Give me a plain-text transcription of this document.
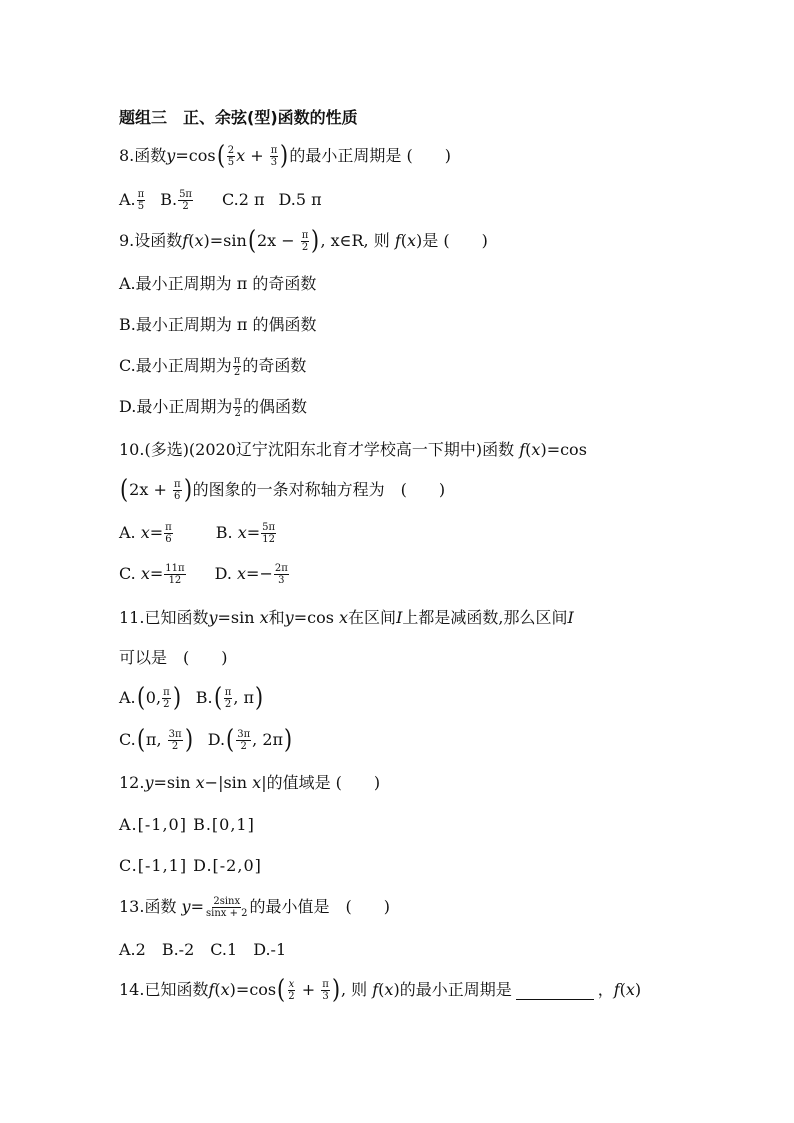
题组三　正、余弦(型)函数的性质
8. 函数 y =cos ( $\frac{2}{5}$ $x + \frac{\pi}{3}$ ) 的最小正周期是 (　　)
A. $\frac{\pi}{5} B$. $\frac{5\pi}{2} C.2$ π D.5 π
9. 设函数 f ( x ) =sin ( $2x - \frac{\pi}{2}$ ) , x∈R, 则 f ( x ) 是 (　　)
A.最小正周期为 π 的奇函数
B.最小正周期为 π 的偶函数
C.最小正周期为 $\frac{\pi}{2}$ 的奇函数
D.最小正周期为 $\frac{\pi}{2}$ 的偶函数
10.(多选)(2020辽宁沈阳东北育才学校高一下期中)函数 f ( x ) =cos
( $2x + \frac{\pi}{6}$ ) 的图象的一条对称轴方程为　(　　)
A. $x= \frac{\pi}{6}$	B. $x= \frac{5\pi}{12}$
C. $x= \frac{11\pi}{12} D$. $x=- \frac{2\pi}{3}$
11.已知函数 y =sin x 和 y =cos x 在区间 I 上都是减函数,那么区间 I
可以是　(　　)
A. ( 0, $\frac{\pi}{2}$ ) B. ( $\frac{\pi}{2}$ , π )
C. ( π, $\frac{3\pi}{2}$ ) D. ( $\frac{3\pi}{2}$ , 2π )
12. y =sin x −|sin x |的值域是 (　　)
A.[-1,0] B.[0,1]
C.[-1,1] D.[-2,0]
13.函数 $y = \frac{2\sin x}{\sin x + 2}$ 的最小值是　(　　)
A.2　B.-2　C.1　D.-1
14.已知函数 f ( x ) =cos ( $\frac{x}{2} + \frac{\pi}{3}$ ) , 则 f ( x ) 的最小正周期是	， f ( x )
